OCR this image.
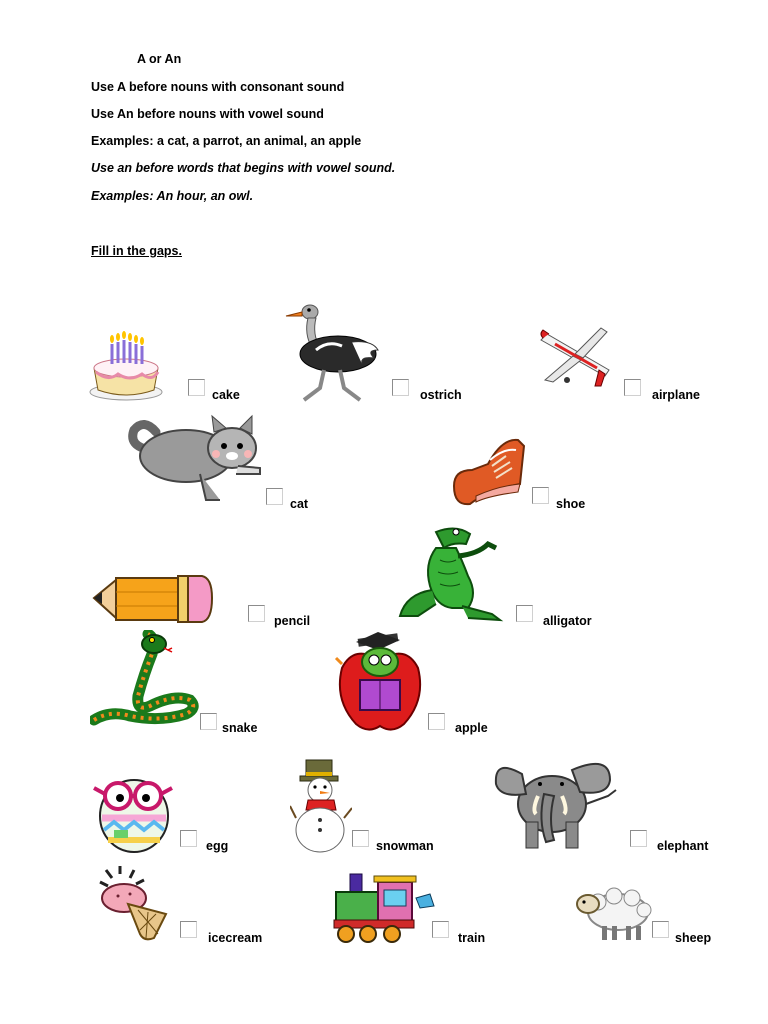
A or An
Use A before nouns with consonant sound
Use An before nouns with vowel sound
Examples: a cat, a parrot, an animal, an apple
Use an before words that begins with vowel sound.
Examples: An hour, an owl.
Fill in the gaps.
cake	ostrich	airplane
cat	shoe
pencil	alligator
snake	apple
egg	snowman	elephant
icecream	train	sheep
